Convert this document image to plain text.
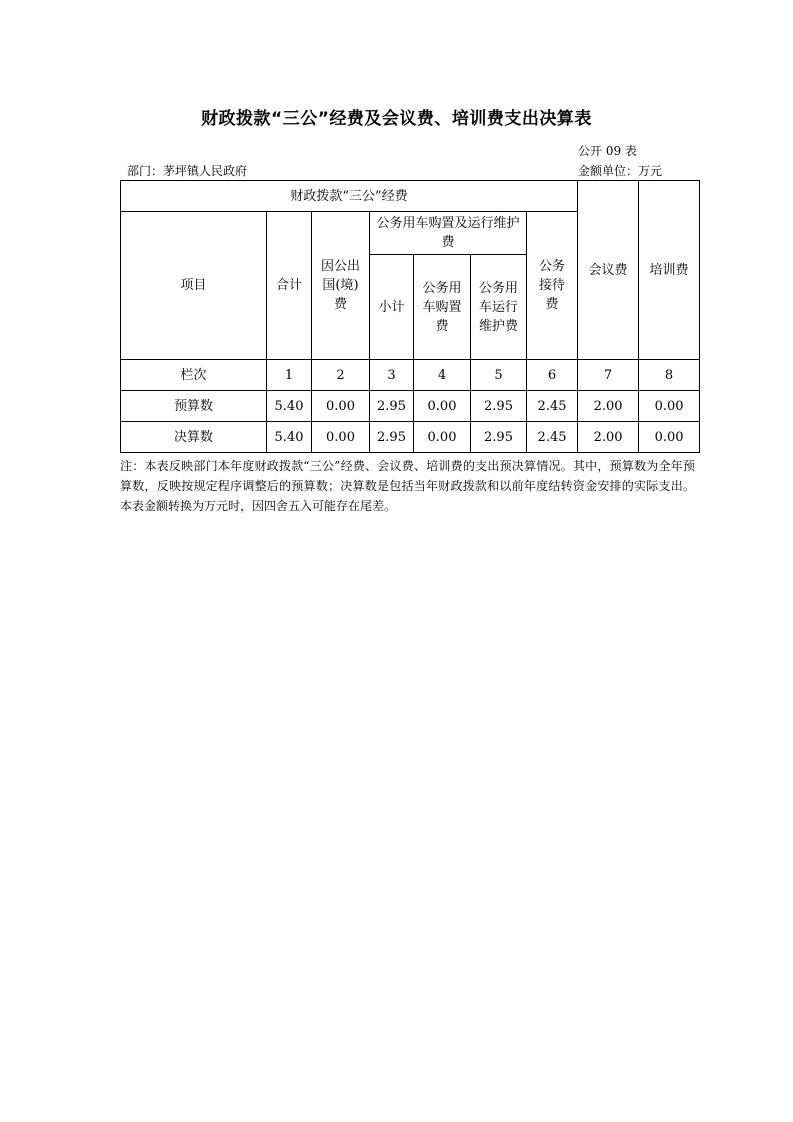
财政拨款“三公”经费及会议费、培训费支出决算表
公开 09 表
部门：茅坪镇人民政府	金额单位：万元
财政拨款“三公”经费							会议费	培训费
项目	合计	因公出国(境)费	公务用车购置及运行维护费			公务接待费		
			小计	公务用车购置费	公务用车运行维护费			

栏次	1	2	3	4	5	6	7	8
预算数	5.40	0.00	2.95	0.00	2.95	2.45	2.00	0.00
决算数	5.40	0.00	2.95	0.00	2.95	2.45	2.00	0.00
注：本表反映部门本年度财政拨款“三公”经费、会议费、培训费的支出预决算情况。其中，预算数为全年预算数，反映按规定程序调整后的预算数；决算数是包括当年财政拨款和以前年度结转资金安排的实际支出。本表金额转换为万元时，因四舍五入可能存在尾差。
